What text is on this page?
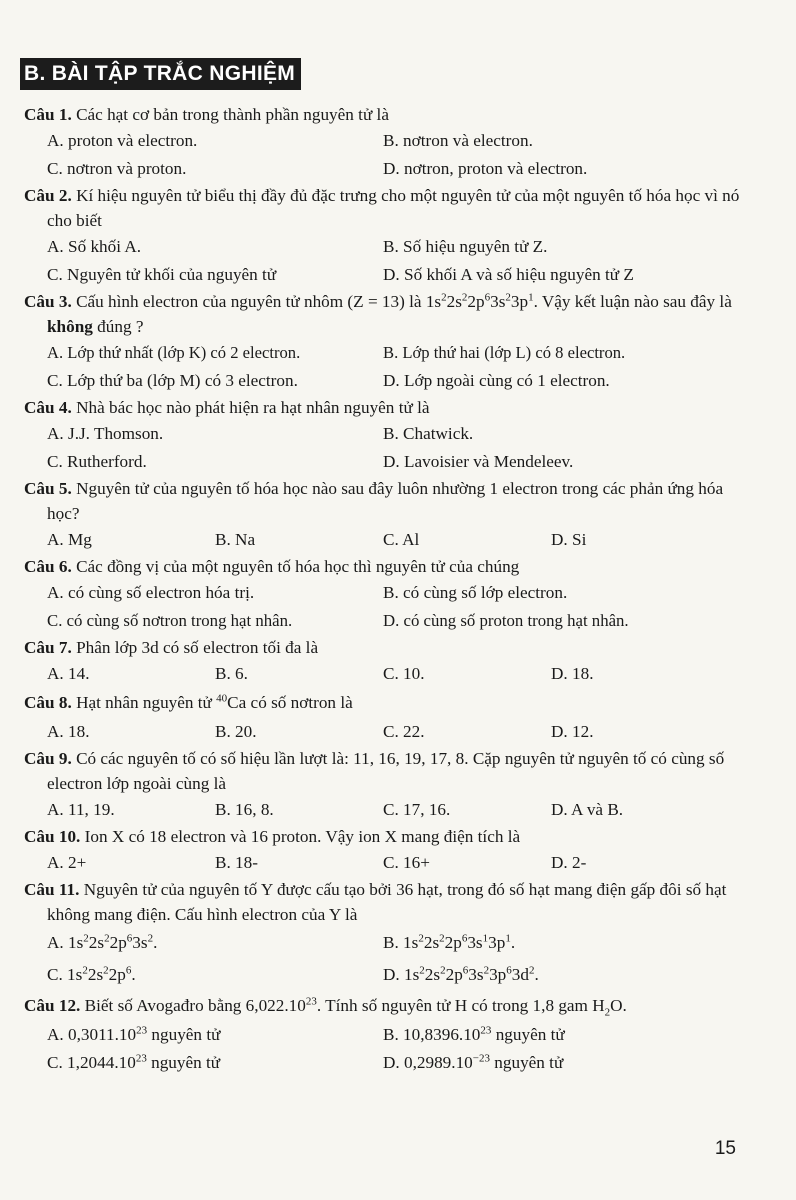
B. BÀI TẬP TRẮC NGHIỆM
Câu 1. Các hạt cơ bản trong thành phần nguyên tử là
A. proton và electron.	B. nơtron và electron.
C. nơtron và proton.	D. nơtron, proton và electron.
Câu 2. Kí hiệu nguyên tử biểu thị đầy đủ đặc trưng cho một nguyên tử của một nguyên tố hóa học vì nó cho biết
A. Số khối A.	B. Số hiệu nguyên tử Z.
C. Nguyên tử khối của nguyên tử	D. Số khối A và số hiệu nguyên tử Z
Câu 3. Cấu hình electron của nguyên tử nhôm (Z = 13) là $1s^22s^22p^63s^23p^1$. Vậy kết luận nào sau đây là không đúng ?
A. Lớp thứ nhất (lớp K) có 2 electron.	B. Lớp thứ hai (lớp L) có 8 electron.
C. Lớp thứ ba (lớp M) có 3 electron.	D. Lớp ngoài cùng có 1 electron.
Câu 4. Nhà bác học nào phát hiện ra hạt nhân nguyên tử là
A. J.J. Thomson.	B. Chatwick.
C. Rutherford.	D. Lavoisier và Mendeleev.
Câu 5. Nguyên tử của nguyên tố hóa học nào sau đây luôn nhường 1 electron trong các phản ứng hóa học?
A. Mg	B. Na	C. Al	D. Si
Câu 6. Các đồng vị của một nguyên tố hóa học thì nguyên tử của chúng
A. có cùng số electron hóa trị.	B. có cùng số lớp electron.
C. có cùng số nơtron trong hạt nhân.	D. có cùng số proton trong hạt nhân.
Câu 7. Phân lớp 3d có số electron tối đa là
A. 14.	B. 6.	C. 10.	D. 18.
Câu 8. Hạt nhân nguyên tử $^{40}$Ca có số nơtron là
A. 18.	B. 20.	C. 22.	D. 12.
Câu 9. Có các nguyên tố có số hiệu lần lượt là: 11, 16, 19, 17, 8. Cặp nguyên tử nguyên tố có cùng số electron lớp ngoài cùng là
A. 11, 19.	B. 16, 8.	C. 17, 16.	D. A và B.
Câu 10. Ion X có 18 electron và 16 proton. Vậy ion X mang điện tích là
A. 2+	B. 18-	C. 16+	D. 2-
Câu 11. Nguyên tử của nguyên tố Y được cấu tạo bởi 36 hạt, trong đó số hạt mang điện gấp đôi số hạt không mang điện. Cấu hình electron của Y là
A. $1s^22s^22p^63s^2$.	B. $1s^22s^22p^63s^13p^1$.
C. $1s^22s^22p^6$.	D. $1s^22s^22p^63s^23p^63d^2$.
Câu 12. Biết số Avogađro bằng 6,022.10$^{23}$. Tính số nguyên tử H có trong 1,8 gam $H_2O$.
A. 0,3011.10$^{23}$ nguyên tử	B. 10,8396.10$^{23}$ nguyên tử
C. 1,2044.10$^{23}$ nguyên tử	D. $0,2989.10^{-23}$ nguyên tử
15
